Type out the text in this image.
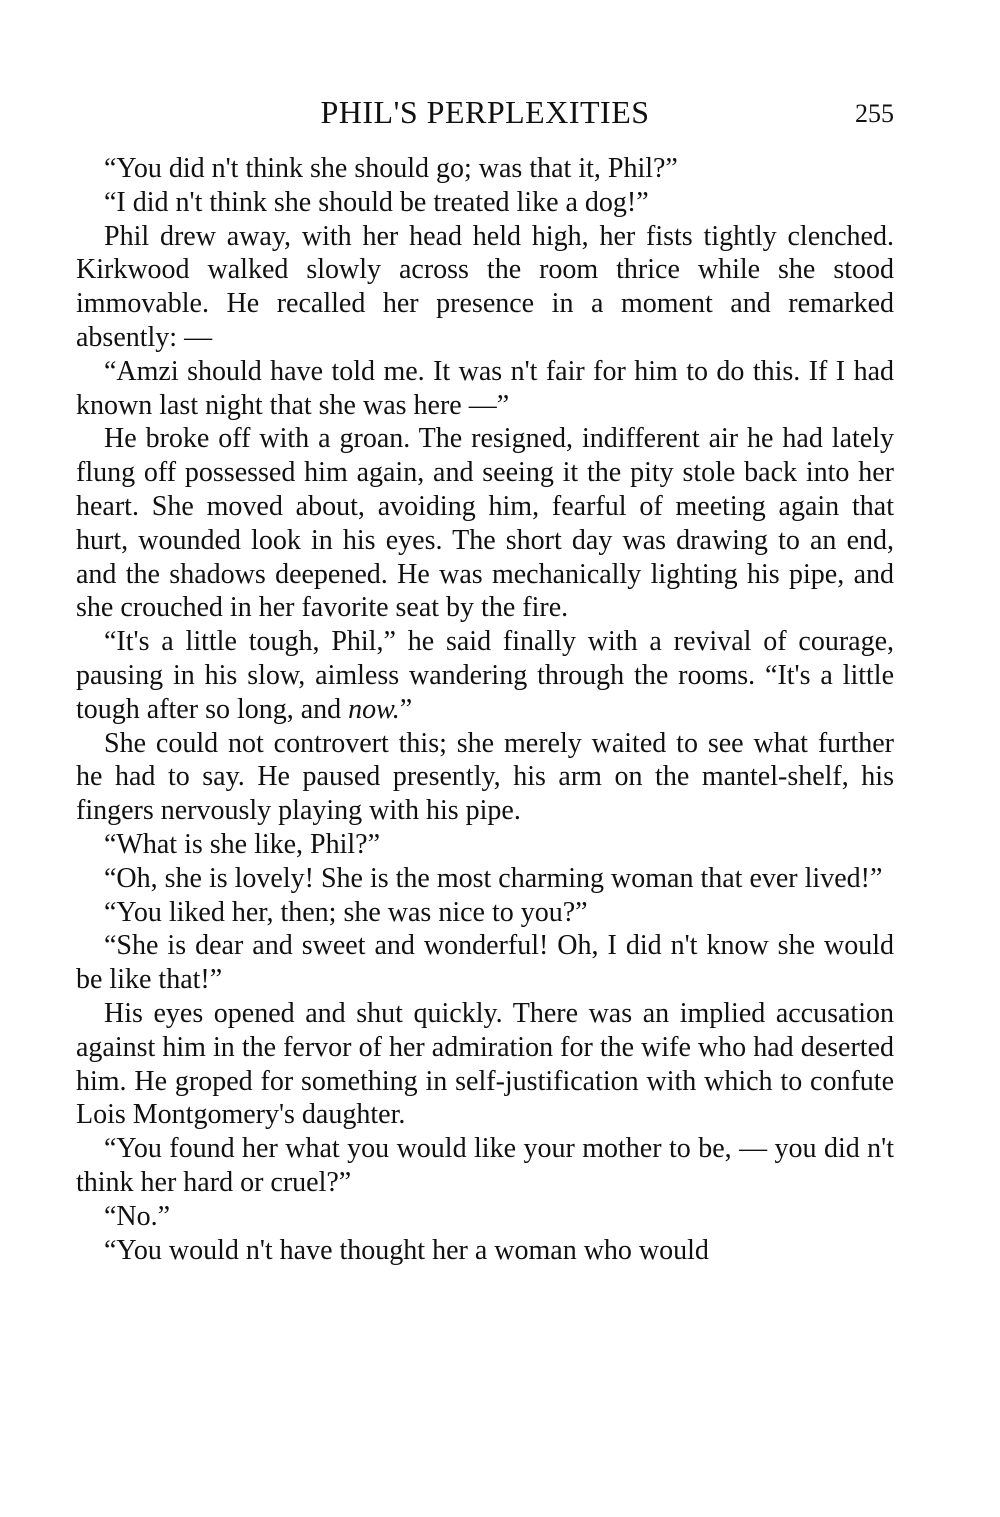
PHIL'S PERPLEXITIES	255

“You did n't think she should go; was that it, Phil?”

“I did n't think she should be treated like a dog!”

Phil drew away, with her head held high, her fists tightly clenched. Kirkwood walked slowly across the room thrice while she stood immovable. He recalled her presence in a moment and remarked absently: —

“Amzi should have told me. It was n't fair for him to do this. If I had known last night that she was here —”

He broke off with a groan. The resigned, indifferent air he had lately flung off possessed him again, and seeing it the pity stole back into her heart. She moved about, avoiding him, fearful of meeting again that hurt, wounded look in his eyes. The short day was drawing to an end, and the shadows deepened. He was mechanically lighting his pipe, and she crouched in her favorite seat by the fire.

“It's a little tough, Phil,” he said finally with a revival of courage, pausing in his slow, aimless wandering through the rooms. “It's a little tough after so long, and now.”

She could not controvert this; she merely waited to see what further he had to say. He paused presently, his arm on the mantel-shelf, his fingers nervously playing with his pipe.

“What is she like, Phil?”

“Oh, she is lovely! She is the most charming woman that ever lived!”

“You liked her, then; she was nice to you?”

“She is dear and sweet and wonderful! Oh, I did n't know she would be like that!”

His eyes opened and shut quickly. There was an implied accusation against him in the fervor of her admiration for the wife who had deserted him. He groped for something in self-justification with which to confute Lois Montgomery's daughter.

“You found her what you would like your mother to be, — you did n't think her hard or cruel?”

“No.”

“You would n't have thought her a woman who would
